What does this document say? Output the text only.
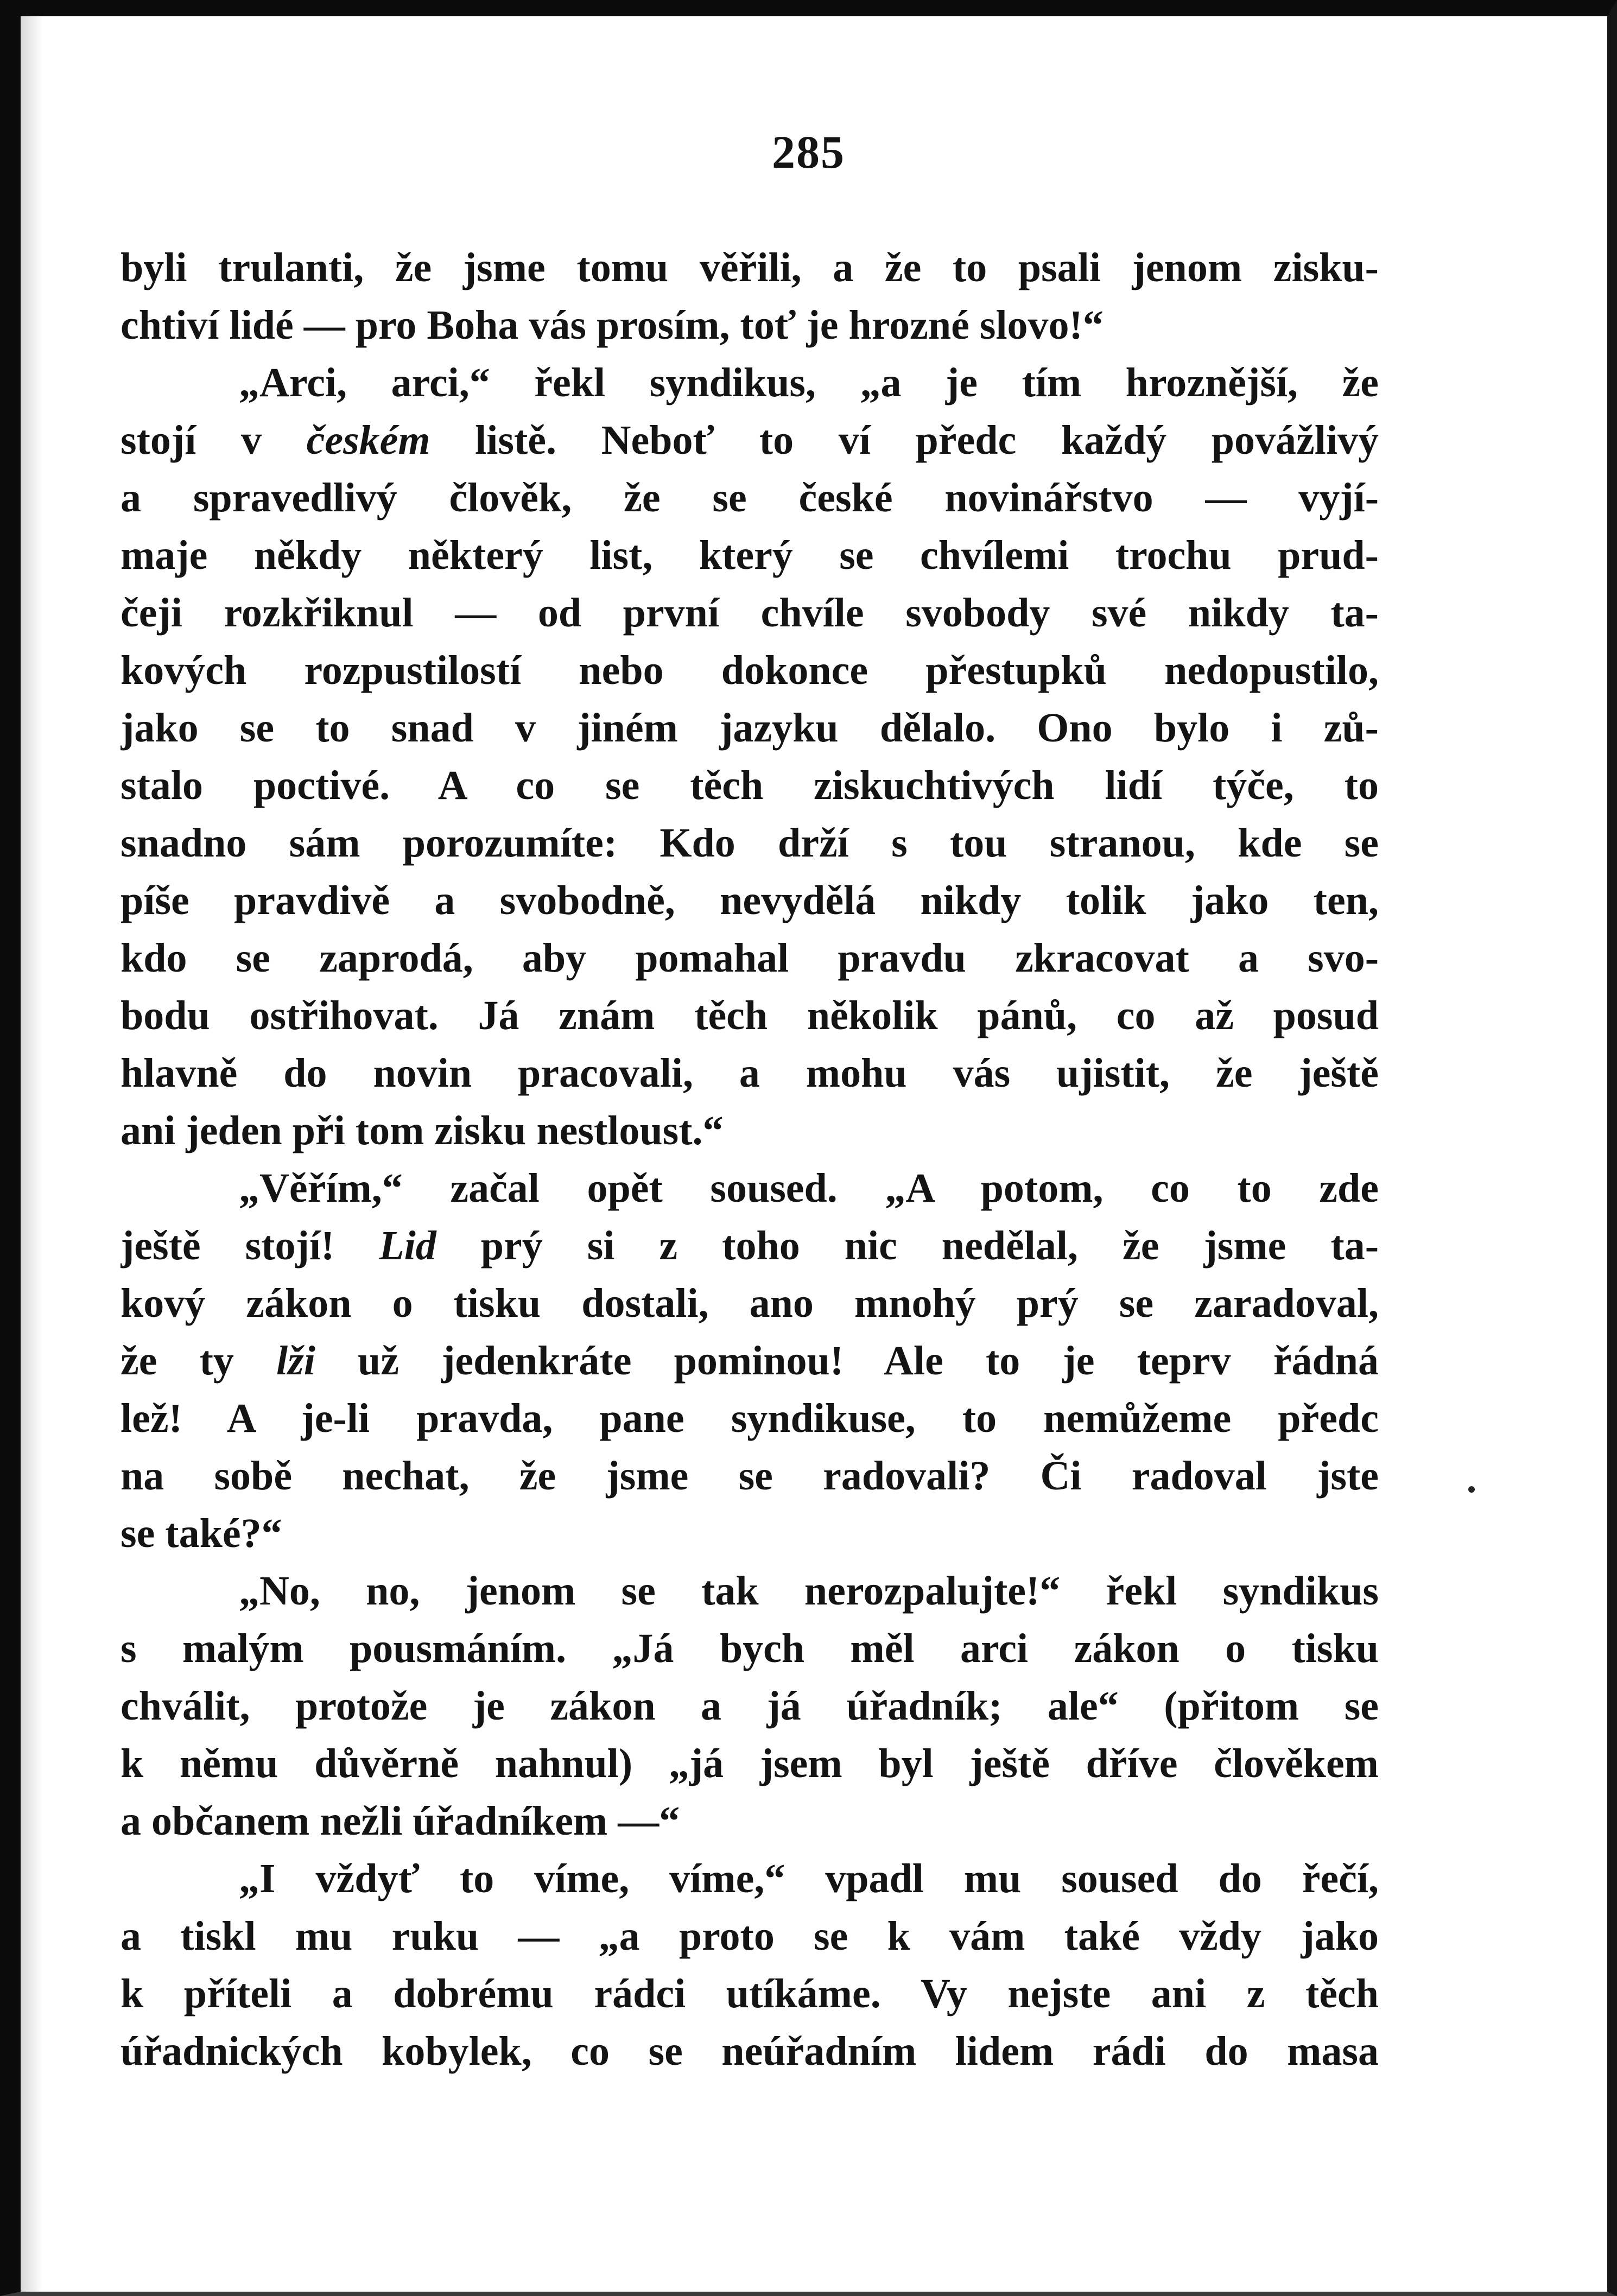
285
byli trulanti, že jsme tomu věřili, a že to psali jenom zisku-
chtiví lidé — pro Boha vás prosím, toť je hrozné slovo!“
„Arci, arci,“ řekl syndikus, „a je tím hroznější, že
stojí v českém listě. Neboť to ví předc každý povážlivý
a spravedlivý člověk, že se české novinářstvo — vyjí-
maje někdy některý list, který se chvílemi trochu prud-
čeji rozkřiknul — od první chvíle svobody své nikdy ta-
kových rozpustilostí nebo dokonce přestupků nedopustilo,
jako se to snad v jiném jazyku dělalo. Ono bylo i zů-
stalo poctivé. A co se těch ziskuchtivých lidí týče, to
snadno sám porozumíte: Kdo drží s tou stranou, kde se
píše pravdivě a svobodně, nevydělá nikdy tolik jako ten,
kdo se zaprodá, aby pomahal pravdu zkracovat a svo-
bodu ostřihovat. Já znám těch několik pánů, co až posud
hlavně do novin pracovali, a mohu vás ujistit, že ještě
ani jeden při tom zisku nestloust.“
„Věřím,“ začal opět soused. „A potom, co to zde
ještě stojí! Lid prý si z toho nic nedělal, že jsme ta-
kový zákon o tisku dostali, ano mnohý prý se zaradoval,
že ty lži už jedenkráte pominou! Ale to je teprv řádná
lež! A je-li pravda, pane syndikuse, to nemůžeme předc
na sobě nechat, že jsme se radovali? Či radoval jste
se také?“
„No, no, jenom se tak nerozpalujte!“ řekl syndikus
s malým pousmáním. „Já bych měl arci zákon o tisku
chválit, protože je zákon a já úřadník; ale“ (přitom se
k němu důvěrně nahnul) „já jsem byl ještě dříve člověkem
a občanem nežli úřadníkem —“
„I vždyť to víme, víme,“ vpadl mu soused do řečí,
a tiskl mu ruku — „a proto se k vám také vždy jako
k příteli a dobrému rádci utíkáme. Vy nejste ani z těch
úřadnických kobylek, co se neúřadním lidem rádi do masa
